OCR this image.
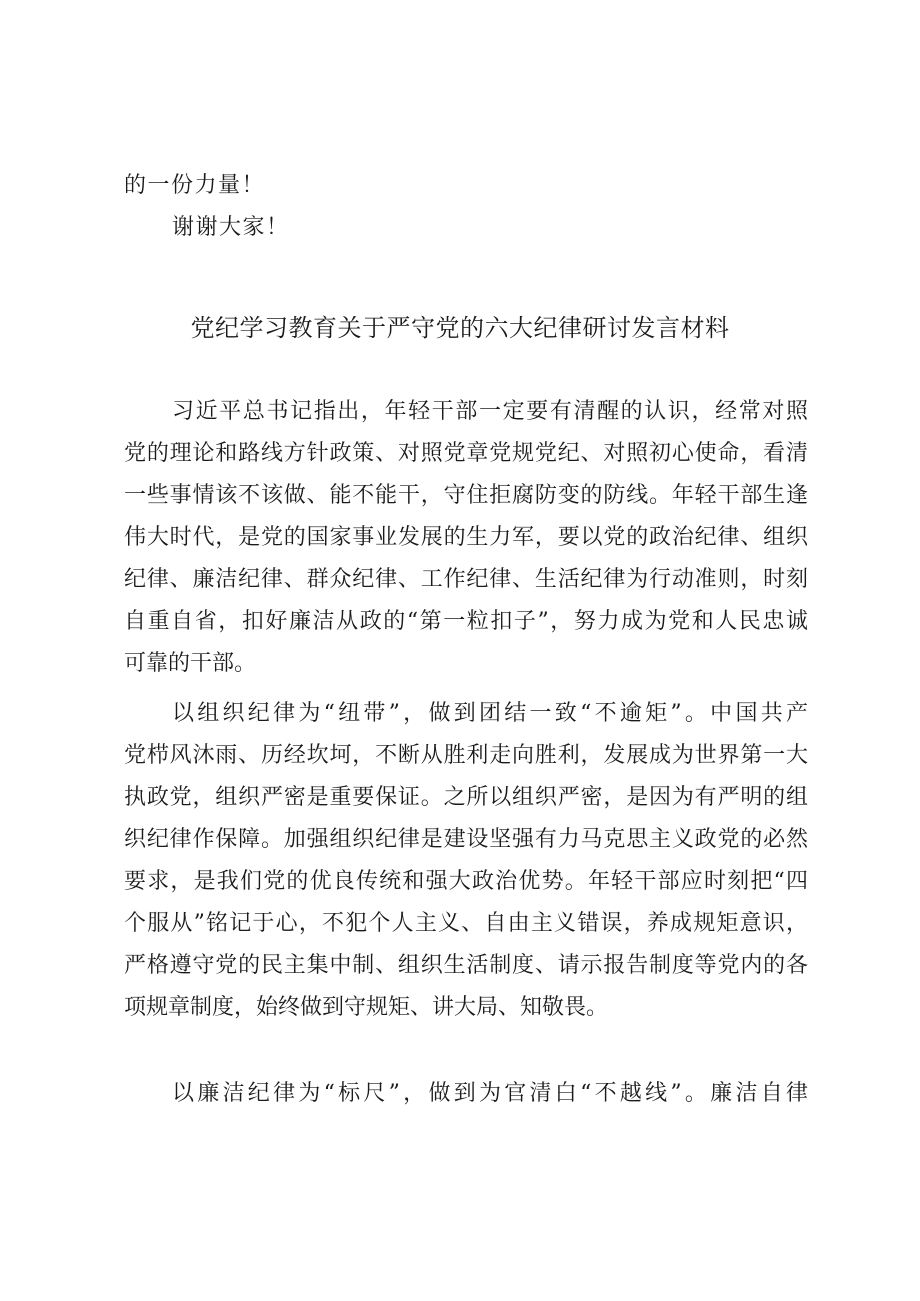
的一份力量！
谢谢大家！
党纪学习教育关于严守党的六大纪律研讨发言材料
习近平总书记指出，年轻干部一定要有清醒的认识，经常对照
党的理论和路线方针政策、对照党章党规党纪、对照初心使命，看清
一些事情该不该做、能不能干，守住拒腐防变的防线。年轻干部生逢
伟大时代，是党的国家事业发展的生力军，要以党的政治纪律、组织
纪律、廉洁纪律、群众纪律、工作纪律、生活纪律为行动准则，时刻
自重自省，扣好廉洁从政的“第一粒扣子”，努力成为党和人民忠诚
可靠的干部。
以组织纪律为“纽带”，做到团结一致“不逾矩”。中国共产
党栉风沐雨、历经坎坷，不断从胜利走向胜利，发展成为世界第一大
执政党，组织严密是重要保证。之所以组织严密，是因为有严明的组
织纪律作保障。加强组织纪律是建设坚强有力马克思主义政党的必然
要求，是我们党的优良传统和强大政治优势。年轻干部应时刻把“四
个服从”铭记于心，不犯个人主义、自由主义错误，养成规矩意识，
严格遵守党的民主集中制、组织生活制度、请示报告制度等党内的各
项规章制度，始终做到守规矩、讲大局、知敬畏。
以廉洁纪律为“标尺”，做到为官清白“不越线”。廉洁自律
